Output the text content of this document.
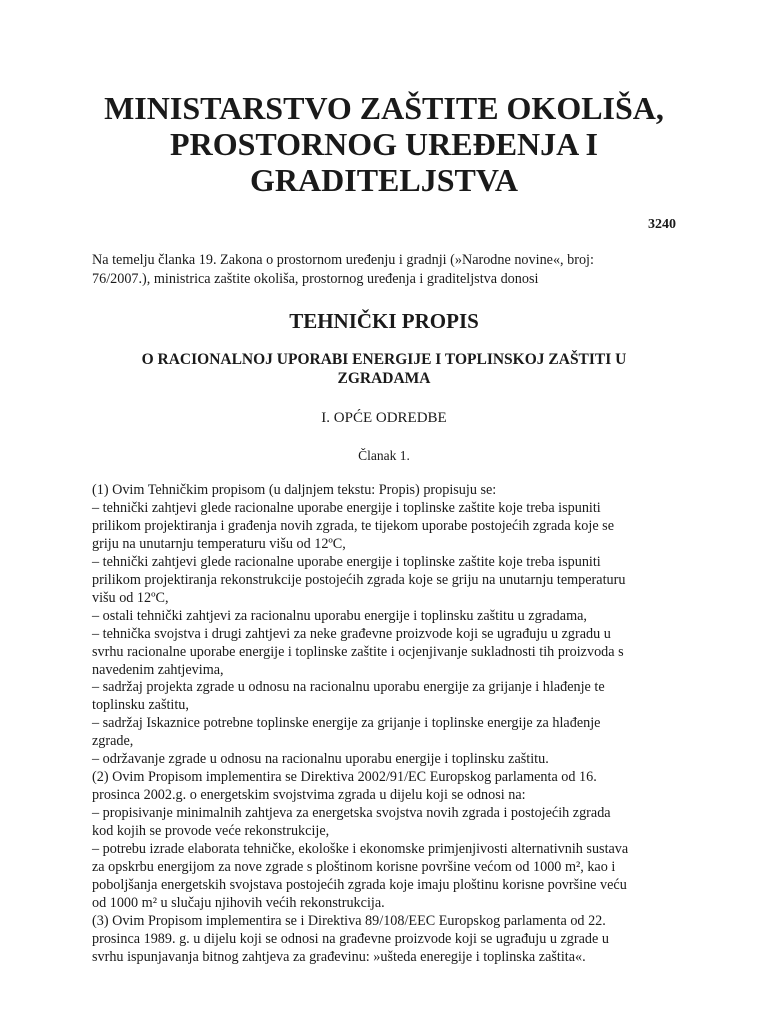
MINISTARSTVO ZAŠTITE OKOLIŠA,
PROSTORNOG UREĐENJA I
GRADITELJSTVA
3240
Na temelju članka 19. Zakona o prostornom uređenju i gradnji (»Narodne novine«, broj:
76/2007.), ministrica zaštite okoliša, prostornog uređenja i graditeljstva donosi
TEHNIČKI PROPIS
O RACIONALNOJ UPORABI ENERGIJE I TOPLINSKOJ ZAŠTITI U
ZGRADAMA
I. OPĆE ODREDBE
Članak 1.
(1) Ovim Tehničkim propisom (u daljnjem tekstu: Propis) propisuju se:
– tehnički zahtjevi glede racionalne uporabe energije i toplinske zaštite koje treba ispuniti
prilikom projektiranja i građenja novih zgrada, te tijekom uporabe postojećih zgrada koje se
griju na unutarnju temperaturu višu od 12ºC,
– tehnički zahtjevi glede racionalne uporabe energije i toplinske zaštite koje treba ispuniti
prilikom projektiranja rekonstrukcije postojećih zgrada koje se griju na unutarnju temperaturu
višu od 12ºC,
– ostali tehnički zahtjevi za racionalnu uporabu energije i toplinsku zaštitu u zgradama,
– tehnička svojstva i drugi zahtjevi za neke građevne proizvode koji se ugrađuju u zgradu u
svrhu racionalne uporabe energije i toplinske zaštite i ocjenjivanje sukladnosti tih proizvoda s
navedenim zahtjevima,
– sadržaj projekta zgrade u odnosu na racionalnu uporabu energije za grijanje i hlađenje te
toplinsku zaštitu,
– sadržaj Iskaznice potrebne toplinske energije za grijanje i toplinske energije za hlađenje
zgrade,
– održavanje zgrade u odnosu na racionalnu uporabu energije i toplinsku zaštitu.
(2) Ovim Propisom implementira se Direktiva 2002/91/EC Europskog parlamenta od 16.
prosinca 2002.g. o energetskim svojstvima zgrada u dijelu koji se odnosi na:
– propisivanje minimalnih zahtjeva za energetska svojstva novih zgrada i postojećih zgrada
kod kojih se provode veće rekonstrukcije,
– potrebu izrade elaborata tehničke, ekološke i ekonomske primjenjivosti alternativnih sustava
za opskrbu energijom za nove zgrade s ploštinom korisne površine većom od 1000 m², kao i
poboljšanja energetskih svojstava postojećih zgrada koje imaju ploštinu korisne površine veću
od 1000 m² u slučaju njihovih većih rekonstrukcija.
(3) Ovim Propisom implementira se i Direktiva 89/108/EEC Europskog parlamenta od 22.
prosinca 1989. g. u dijelu koji se odnosi na građevne proizvode koji se ugrađuju u zgrade u
svrhu ispunjavanja bitnog zahtjeva za građevinu: »ušteda eneregije i toplinska zaštita«.
